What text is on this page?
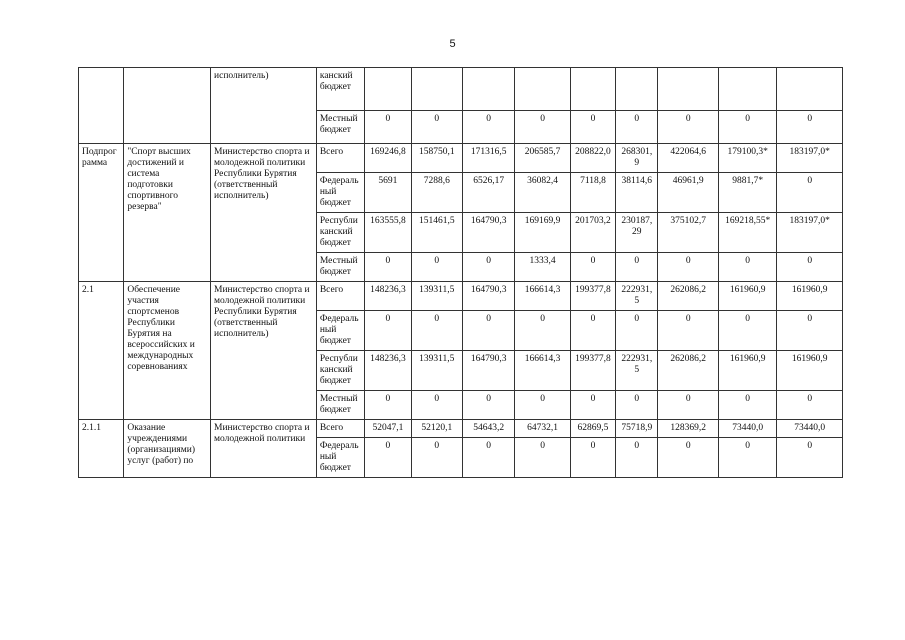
5
		исполнитель)	канский бюджет									
			Местный бюджет	0	0	0	0	0	0	0	0	0
Подпрограмма	"Спорт высших достижений и система подготовки спортивного резерва"	Министерство спорта и молодежной политики Республики Бурятия (ответственный исполнитель)	Всего	169246,8	158750,1	171316,5	206585,7	208822,0	268301,9	422064,6	179100,3*	183197,0*
			Федеральный бюджет	5691	7288,6	6526,17	36082,4	7118,8	38114,6	46961,9	9881,7*	0
			Республиканский бюджет	163555,8	151461,5	164790,3	169169,9	201703,2	230187,29	375102,7	169218,55*	183197,0*
			Местный бюджет	0	0	0	1333,4	0	0	0	0	0
2.1	Обеспечение участия спортсменов Республики Бурятия на всероссийских и международных соревнованиях	Министерство спорта и молодежной политики Республики Бурятия (ответственный исполнитель)	Всего	148236,3	139311,5	164790,3	166614,3	199377,8	222931,5	262086,2	161960,9	161960,9
			Федеральный бюджет	0	0	0	0	0	0	0	0	0
			Республиканский бюджет	148236,3	139311,5	164790,3	166614,3	199377,8	222931,5	262086,2	161960,9	161960,9
			Местный бюджет	0	0	0	0	0	0	0	0	0
2.1.1	Оказание учреждениями (организациями) услуг (работ) по	Министерство спорта и молодежной политики	Всего	52047,1	52120,1	54643,2	64732,1	62869,5	75718,9	128369,2	73440,0	73440,0
			Федеральный бюджет	0	0	0	0	0	0	0	0	0
